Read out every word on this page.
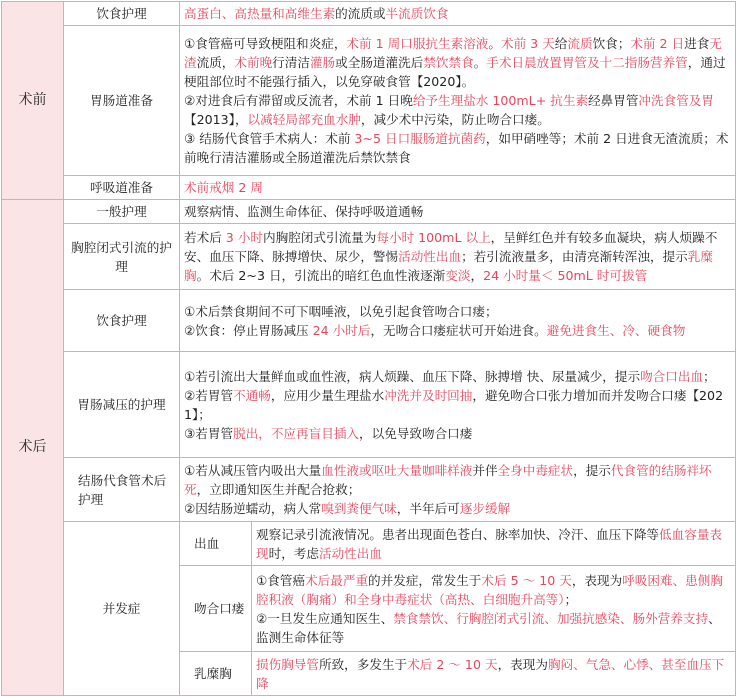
术前	饮食护理	高蛋白、高热量和高维生素的流质或半流质饮食	
	胃肠道准备	①食管癌可导致梗阻和炎症，术前 1 周口服抗生素溶液。术前 3 天给流质饮食；术前 2 日进食无渣流质，术前晚行清洁灌肠或全肠道灌洗后禁饮禁食。手术日晨放置胃管及十二指肠营养管，通过梗阻部位时不能强行插入，以免穿破食管【2020】。
②对进食后有滞留或反流者，术前 1 日晚给予生理盐水 100mL+ 抗生素经鼻胃管冲洗食管及胃【2013】，以减轻局部充血水肿，减少术中污染，防止吻合口瘘。
③ 结肠代食管手术病人：术前 3~5 日口服肠道抗菌药，如甲硝唑等；术前 2 日进食无渣流质；术前晚行清洁灌肠或全肠道灌洗后禁饮禁食	

	呼吸道准备	术前戒烟 2 周	
术后	一般护理	观察病情、监测生命体征、保持呼吸道通畅	
	胸腔闭式引流的护理	若术后 3 小时内胸腔闭式引流量为每小时 100mL 以上，呈鲜红色并有较多血凝块，病人烦躁不安、血压下降、脉搏增快、尿少，警惕活动性出血；若引流液量多，由清亮渐转浑浊，提示乳糜胸。术后 2~3 日，引流出的暗红色血性液逐渐变淡，24 小时量＜ 50mL 时可拔管	
	饮食护理	①术后禁食期间不可下咽唾液，以免引起食管吻合口瘘；
②饮食：停止胃肠减压 24 小时后，无吻合口瘘症状可开始进食。避免进食生、冷、硬食物	

	胃肠减压的护理	①若引流出大量鲜血或血性液，病人烦躁、血压下降、脉搏增 快、尿量减少，提示吻合口出血；
②若胃管不通畅，应用少量生理盐水冲洗并及时回抽，避免吻合口张力增加而并发吻合口瘘【2021】；
③若胃管脱出，不应再盲目插入，以免导致吻合口瘘	

	结肠代食管术后护理	①若从减压管内吸出大量血性液或呕吐大量咖啡样液并伴全身中毒症状，提示代食管的结肠袢坏死，立即通知医生并配合抢救；
②因结肠逆蠕动，病人常嗅到粪便气味，半年后可逐步缓解	

	并发症	出血	观察记录引流液情况。患者出现面色苍白、脉率加快、冷汗、血压下降等低血容量表现时，考虑活动性出血
		吻合口瘘	①食管癌术后最严重的并发症，常发生于术后 5 ～ 10 天，表现为呼吸困难、患侧胸腔积液（胸痛）和全身中毒症状（高热、白细胞升高等）；
②一旦发生应通知医生、禁食禁饮、行胸腔闭式引流、加强抗感染、肠外营养支持、监测生命体征等

		乳糜胸	损伤胸导管所致，多发生于术后 2 ～ 10 天，表现为胸闷、气急、心悸、甚至血压下降
